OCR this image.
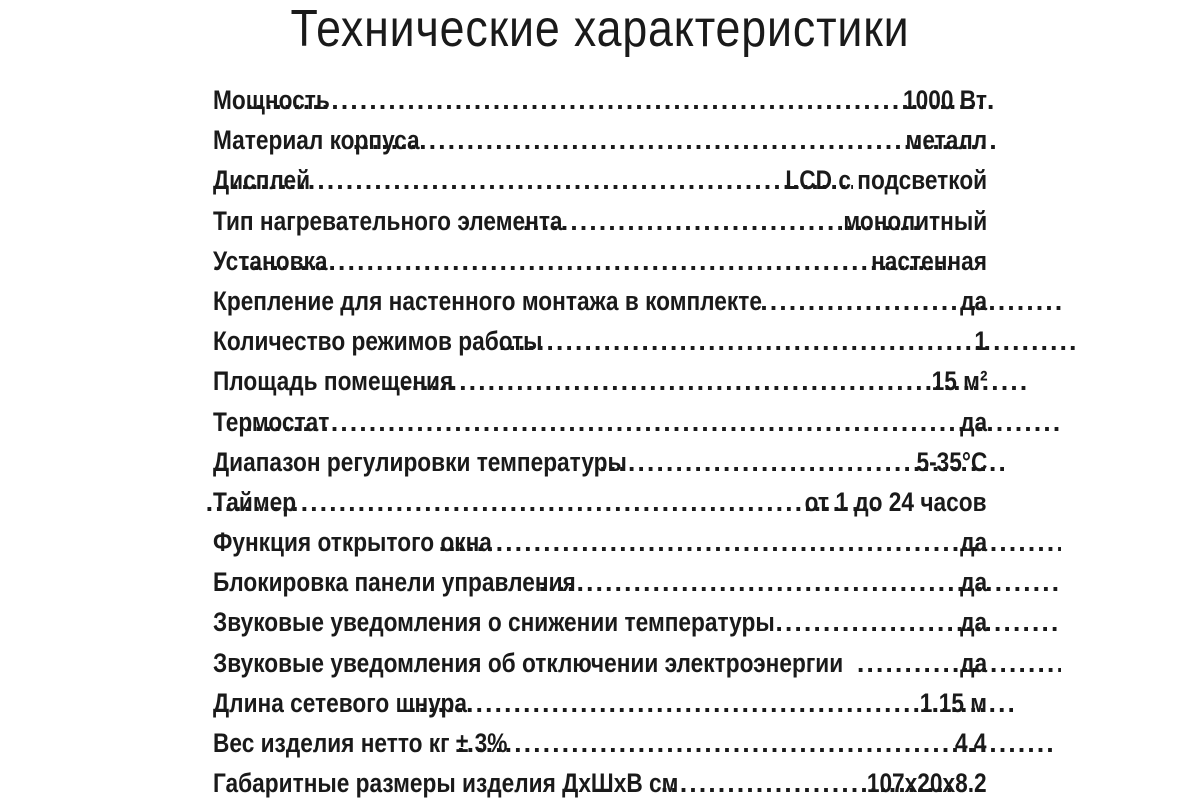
Технические характеристики
Мощность .....	1000 Вт
Материал корпуса .....	металл
Дисплей .....	LCD с подсветкой
Тип нагревательного элемента .....	монолитный
Установка .....	настенная
Крепление для настенного монтажа в комплекте .....	да
Количество режимов работы .....	1
Площадь помещения .....	15 м²
Термостат .....	да
Диапазон регулировки температуры .....	5-35°С
Таймер .....	от 1 до 24 часов
Функция открытого окна .....	да
Блокировка панели управления .....	да
Звуковые уведомления о снижении температуры .....	да
Звуковые уведомления об отключении электроэнергии .....	да
Длина сетевого шнура .....	1.15 м
Вес изделия нетто кг ± 3% .....	4.4
Габаритные размеры изделия ДхШхВ см .....	107х20х8.2
